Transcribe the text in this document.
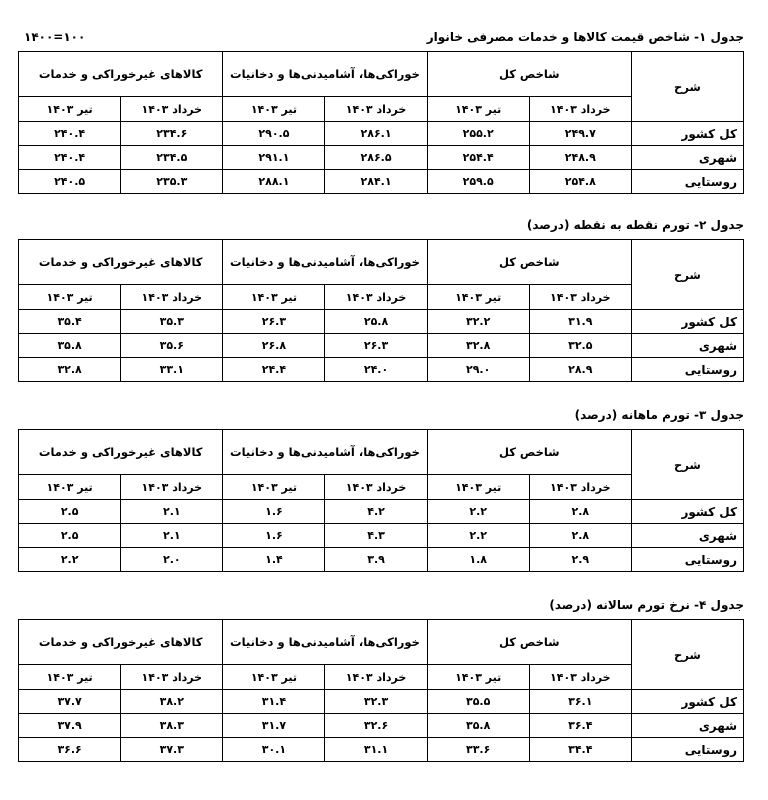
جدول ۱- شاخص قیمت کالاها و خدمات مصرفی خانوار
۱۴۰۰=۱۰۰
شرح	شاخص کل		خوراکی‌ها، آشامیدنی‌ها و دخانیات		کالاهای غیرخوراکی و خدمات	
	خرداد ۱۴۰۳	تیر ۱۴۰۳	خرداد ۱۴۰۳	تیر ۱۴۰۳	خرداد ۱۴۰۳	تیر ۱۴۰۳
کل کشور	۲۴۹.۷	۲۵۵.۲	۲۸۶.۱	۲۹۰.۵	۲۳۴.۶	۲۴۰.۴
شهری	۲۴۸.۹	۲۵۴.۴	۲۸۶.۵	۲۹۱.۱	۲۳۴.۵	۲۴۰.۴
روستایی	۲۵۴.۸	۲۵۹.۵	۲۸۴.۱	۲۸۸.۱	۲۳۵.۳	۲۴۰.۵
جدول ۲- تورم نقطه به نقطه (درصد)
شرح	شاخص کل		خوراکی‌ها، آشامیدنی‌ها و دخانیات		کالاهای غیرخوراکی و خدمات	
	خرداد ۱۴۰۳	تیر ۱۴۰۳	خرداد ۱۴۰۳	تیر ۱۴۰۳	خرداد ۱۴۰۳	تیر ۱۴۰۳
کل کشور	۳۱.۹	۳۲.۲	۲۵.۸	۲۶.۳	۳۵.۳	۳۵.۴
شهری	۳۲.۵	۳۲.۸	۲۶.۳	۲۶.۸	۳۵.۶	۳۵.۸
روستایی	۲۸.۹	۲۹.۰	۲۴.۰	۲۴.۴	۳۳.۱	۳۲.۸
جدول ۳- تورم ماهانه (درصد)
شرح	شاخص کل		خوراکی‌ها، آشامیدنی‌ها و دخانیات		کالاهای غیرخوراکی و خدمات	
	خرداد ۱۴۰۳	تیر ۱۴۰۳	خرداد ۱۴۰۳	تیر ۱۴۰۳	خرداد ۱۴۰۳	تیر ۱۴۰۳
کل کشور	۲.۸	۲.۲	۴.۲	۱.۶	۲.۱	۲.۵
شهری	۲.۸	۲.۲	۴.۳	۱.۶	۲.۱	۲.۵
روستایی	۲.۹	۱.۸	۳.۹	۱.۴	۲.۰	۲.۲
جدول ۴- نرخ تورم سالانه (درصد)
شرح	شاخص کل		خوراکی‌ها، آشامیدنی‌ها و دخانیات		کالاهای غیرخوراکی و خدمات	
	خرداد ۱۴۰۳	تیر ۱۴۰۳	خرداد ۱۴۰۳	تیر ۱۴۰۳	خرداد ۱۴۰۳	تیر ۱۴۰۳
کل کشور	۳۶.۱	۳۵.۵	۳۲.۳	۳۱.۴	۳۸.۲	۳۷.۷
شهری	۳۶.۴	۳۵.۸	۳۲.۶	۳۱.۷	۳۸.۳	۳۷.۹
روستایی	۳۴.۴	۳۳.۶	۳۱.۱	۳۰.۱	۳۷.۳	۳۶.۶
